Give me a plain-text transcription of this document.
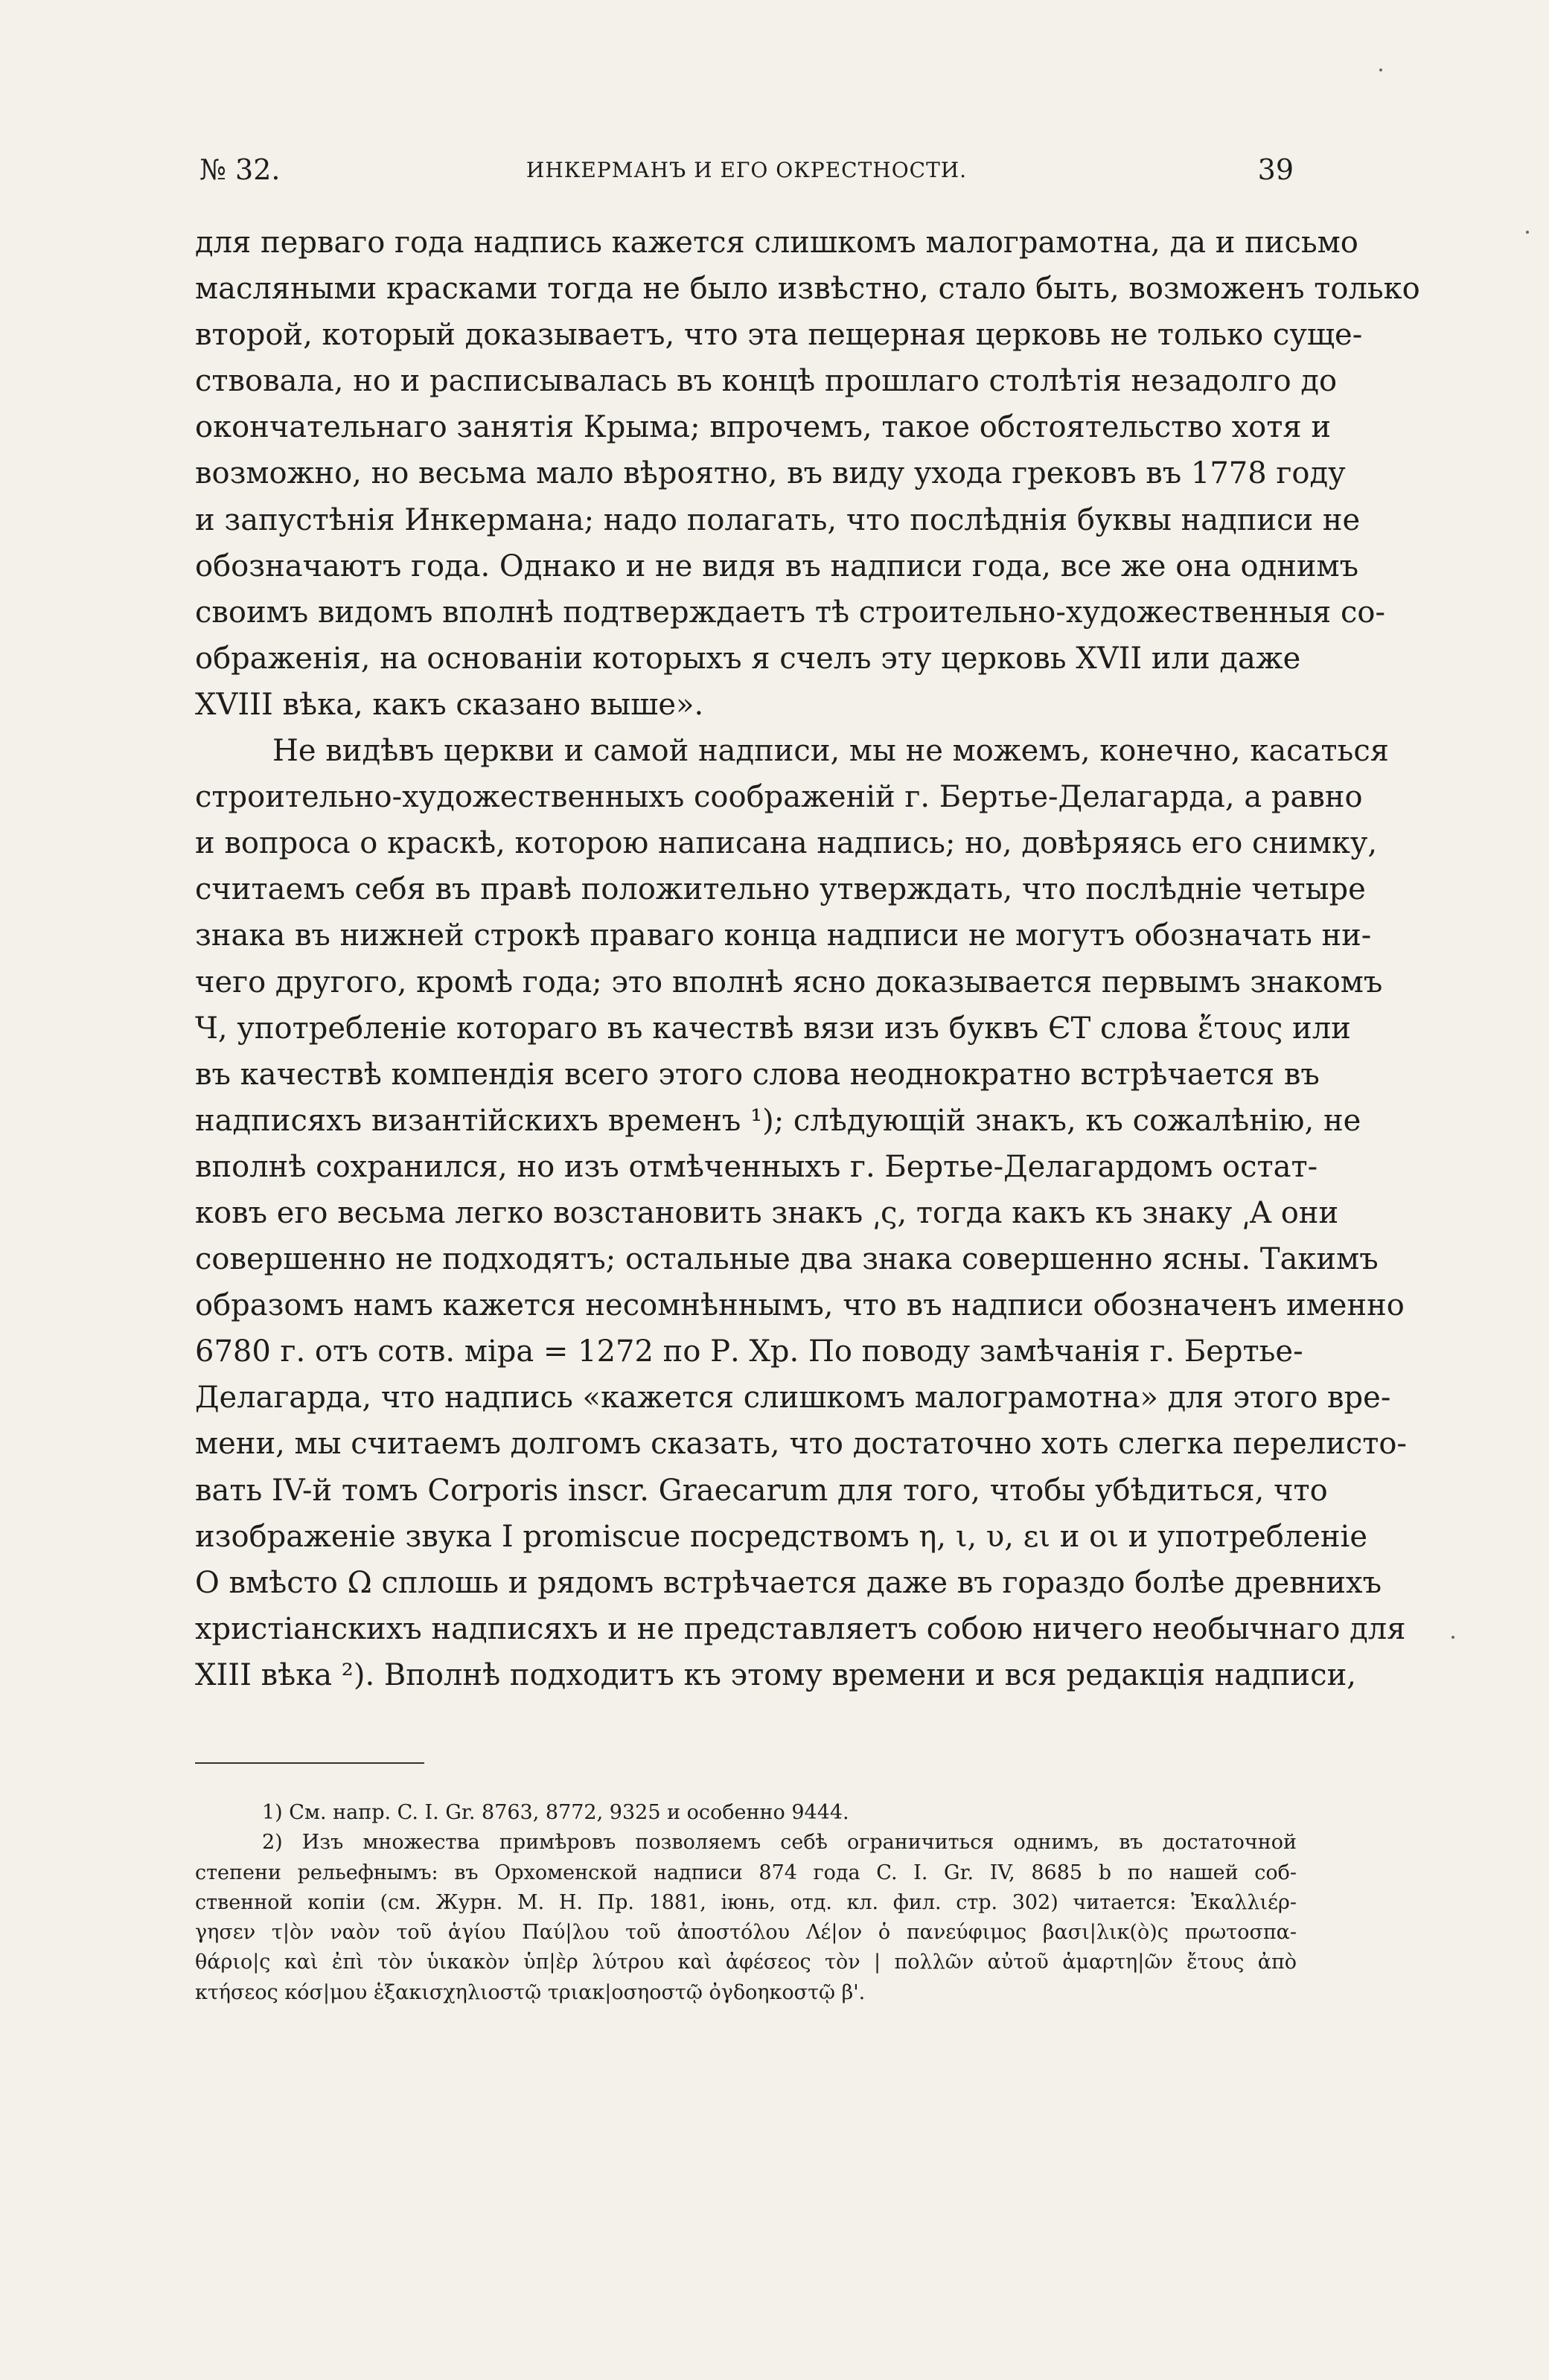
№ 32.	ИНКЕРМАНЪ И ЕГО ОКРЕСТНОСТИ.	39
для перваго года надпись кажется слишкомъ малограмотна, да и письмо
масляными красками тогда не было извѣстно, стало быть, возможенъ только
второй, который доказываетъ, что эта пещерная церковь не только суще-
ствовала, но и расписывалась въ концѣ прошлаго столѣтія незадолго до
окончательнаго занятія Крыма; впрочемъ, такое обстоятельство хотя и
возможно, но весьма мало вѣроятно, въ виду ухода грековъ въ 1778 году
и запустѣнія Инкермана; надо полагать, что послѣднія буквы надписи не
обозначаютъ года. Однако и не видя въ надписи года, все же она однимъ
своимъ видомъ вполнѣ подтверждаетъ тѣ строительно-художественныя со-
ображенія, на основаніи которыхъ я счелъ эту церковь XVII или даже
XVIII вѣка, какъ сказано выше».
Не видѣвъ церкви и самой надписи, мы не можемъ, конечно, касаться
строительно-художественныхъ соображеній г. Бертье-Делагарда, а равно
и вопроса о краскѣ, которою написана надпись; но, довѣряясь его снимку,
считаемъ себя въ правѣ положительно утверждать, что послѣдніе четыре
знака въ нижней строкѣ праваго конца надписи не могутъ обозначать ни-
чего другого, кромѣ года; это вполнѣ ясно доказывается первымъ знакомъ
Ч, употребленіе котораго въ качествѣ вязи изъ буквъ ЄТ слова ἔτους или
въ качествѣ компендія всего этого слова неоднократно встрѣчается въ
надписяхъ византійскихъ временъ ¹); слѣдующій знакъ, къ сожалѣнію, не
вполнѣ сохранился, но изъ отмѣченныхъ г. Бертье-Делагардомъ остат-
ковъ его весьма легко возстановить знакъ ͵ς, тогда какъ къ знаку ͵Α они
совершенно не подходятъ; остальные два знака совершенно ясны. Такимъ
образомъ намъ кажется несомнѣннымъ, что въ надписи обозначенъ именно
6780 г. отъ сотв. міра = 1272 по Р. Хр. По поводу замѣчанія г. Бертье-
Делагарда, что надпись «кажется слишкомъ малограмотна» для этого вре-
мени, мы считаемъ долгомъ сказать, что достаточно хоть слегка перелисто-
вать IV-й томъ Corporis inscr. Graecarum для того, чтобы убѣдиться, что
изображеніе звука I promiscue посредствомъ η, ι, υ, ει и οι и употребленіе
О вмѣсто Ω сплошь и рядомъ встрѣчается даже въ гораздо болѣе древнихъ
христіанскихъ надписяхъ и не представляетъ собою ничего необычнаго для
XIII вѣка ²). Вполнѣ подходитъ къ этому времени и вся редакція надписи,
1) См. напр. C. I. Gr. 8763, 8772, 9325 и особенно 9444.
2) Изъ множества примѣровъ позволяемъ себѣ ограничиться однимъ, въ достаточной
степени рельефнымъ: въ Орхоменской надписи 874 года C. I. Gr. IV, 8685 b по нашей соб-
ственной копіи (см. Журн. М. Н. Пр. 1881, іюнь, отд. кл. фил. стр. 302) читается: Ἐκαλλιέρ-
γησεν τ|ὸν ναὸν τοῦ ἁγίου Παύ|λου τοῦ ἀποστόλου Λέ|ον ὁ πανεύφιμος βασι|λικ(ὸ)ς πρωτοσπα-
θάριο|ς καὶ ἐπὶ τὸν ὑικακὸν ὑπ|ὲρ λύτρου καὶ ἀφέσεος τὸν | πολλῶν αὐτοῦ ἁμαρτη|ῶν ἔτους ἀπὸ
κτήσεος κόσ|μου ἑξακισχηλιοστῷ τριακ|οσηοστῷ ὀγδοηκοστῷ β'.
